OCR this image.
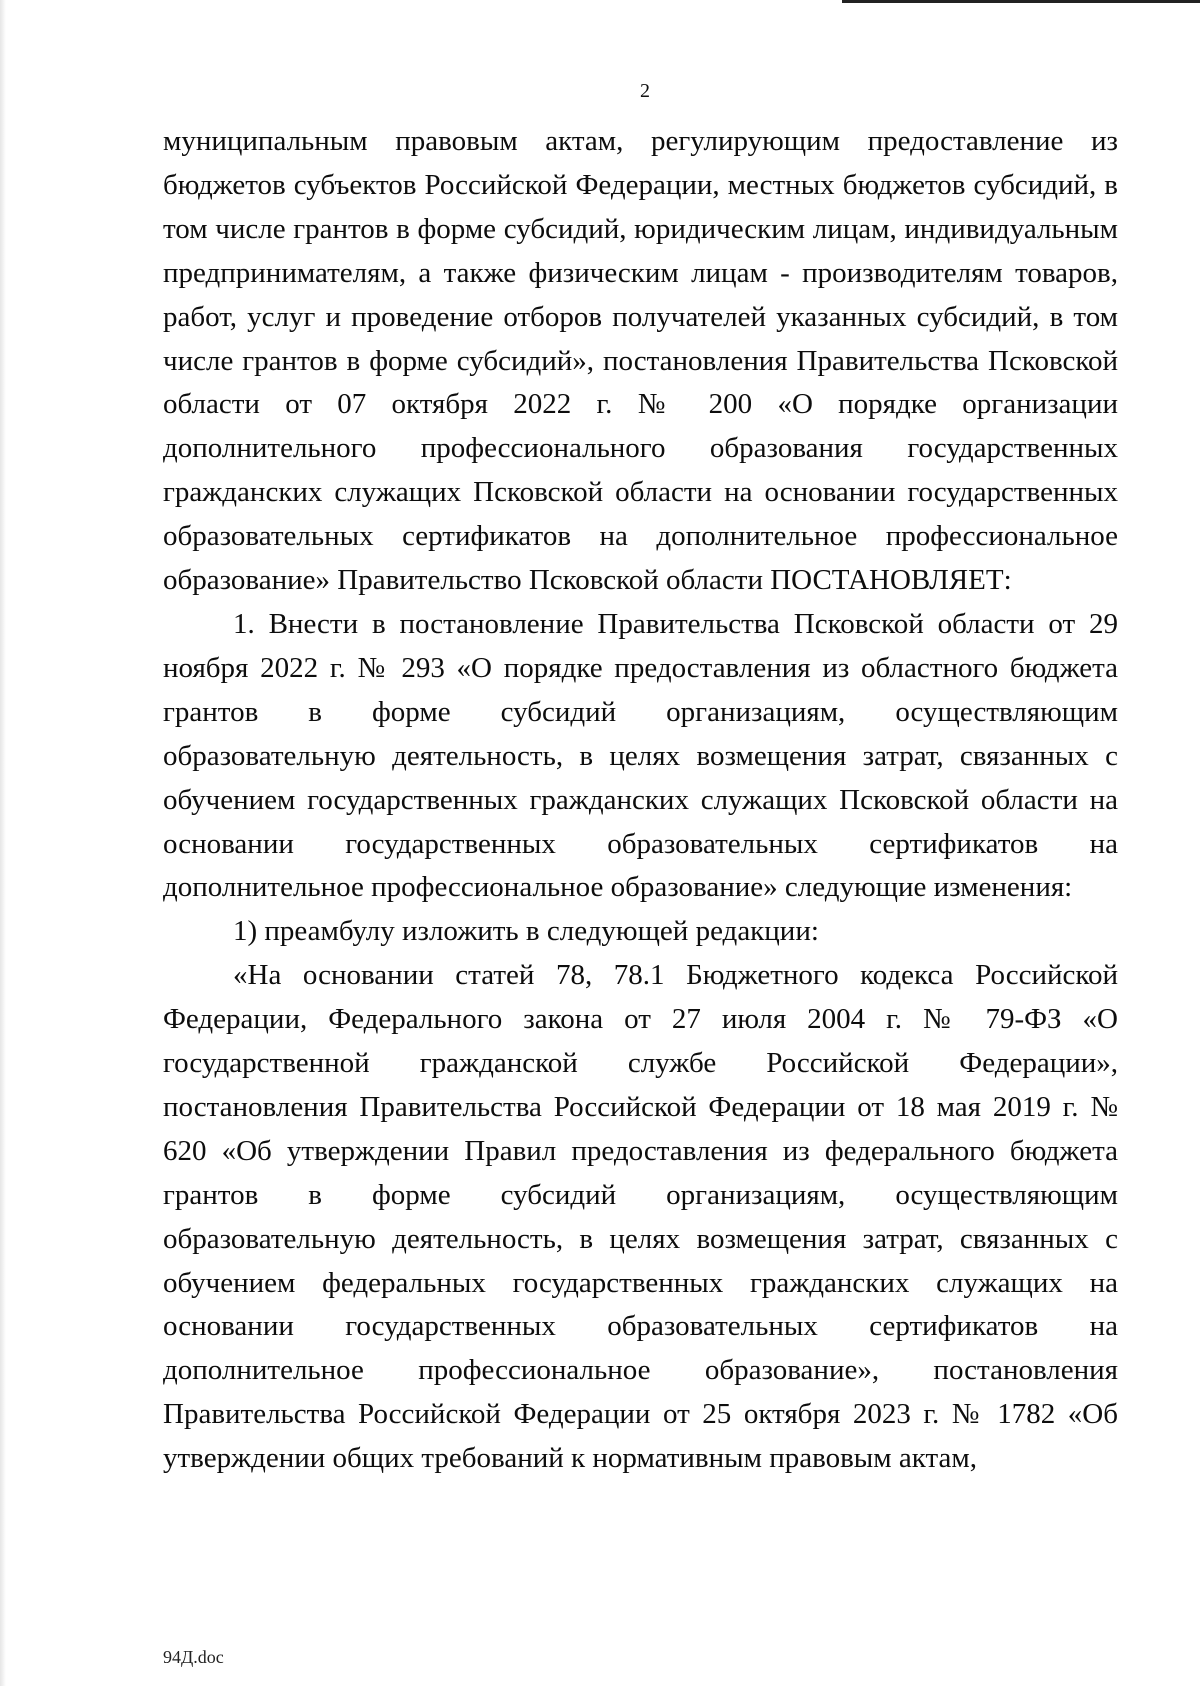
2

муниципальным правовым актам, регулирующим предоставление из бюджетов субъектов Российской Федерации, местных бюджетов субсидий, в том числе грантов в форме субсидий, юридическим лицам, индивидуальным предпринимателям, а также физическим лицам - производителям товаров, работ, услуг и проведение отборов получателей указанных субсидий, в том числе грантов в форме субсидий», постановления Правительства Псковской области от 07 октября 2022 г. № 200 «О порядке организации дополнительного профессионального образования государственных гражданских служащих Псковской области на основании государственных образовательных сертификатов на дополнительное профессиональное образование» Правительство Псковской области ПОСТАНОВЛЯЕТ:

1. Внести в постановление Правительства Псковской области от 29 ноября 2022 г. № 293 «О порядке предоставления из областного бюджета грантов в форме субсидий организациям, осуществляющим образовательную деятельность, в целях возмещения затрат, связанных с обучением государственных гражданских служащих Псковской области на основании государственных образовательных сертификатов на дополнительное профессиональное образование» следующие изменения:

1) преамбулу изложить в следующей редакции:

«На основании статей 78, 78.1 Бюджетного кодекса Российской Федерации, Федерального закона от 27 июля 2004 г. № 79-ФЗ «О государственной гражданской службе Российской Федерации», постановления Правительства Российской Федерации от 18 мая 2019 г. № 620 «Об утверждении Правил предоставления из федерального бюджета грантов в форме субсидий организациям, осуществляющим образовательную деятельность, в целях возмещения затрат, связанных с обучением федеральных государственных гражданских служащих на основании государственных образовательных сертификатов на дополнительное профессиональное образование», постановления Правительства Российской Федерации от 25 октября 2023 г. № 1782 «Об утверждении общих требований к нормативным правовым актам,

94Д.doc
